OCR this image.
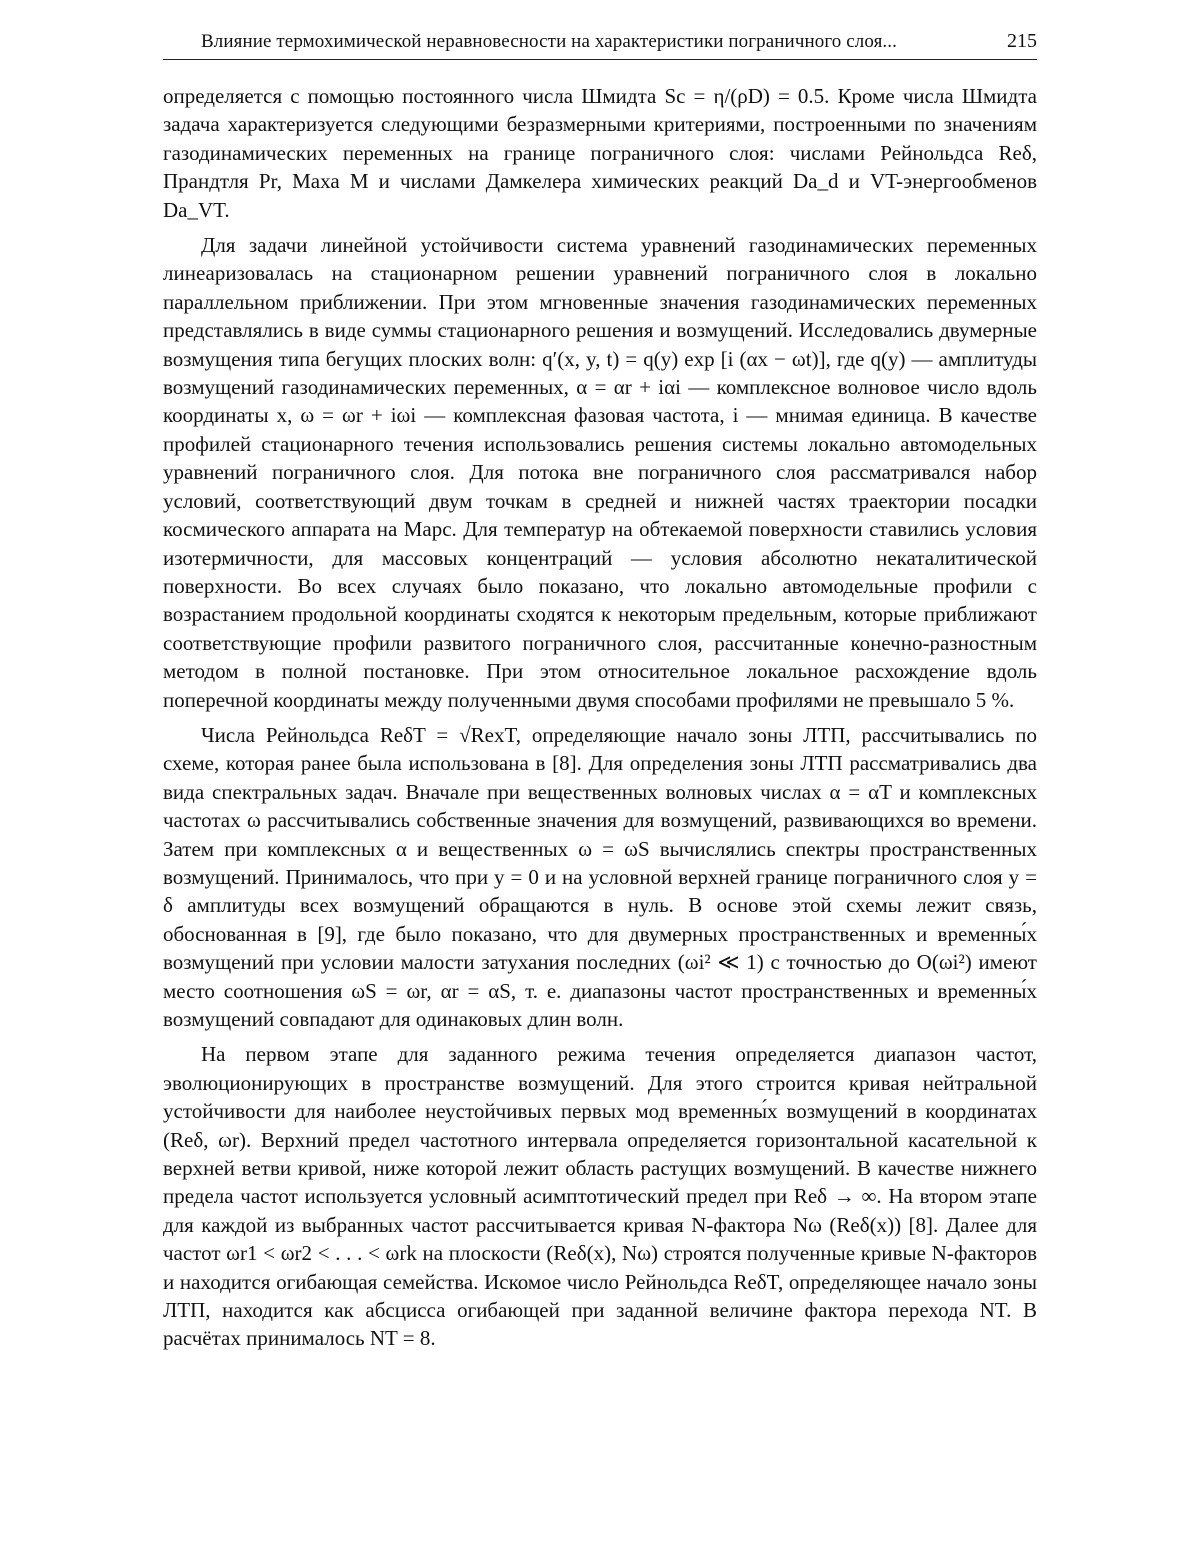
Влияние термохимической неравновесности на характеристики пограничного слоя...	215

определяется с помощью постоянного числа Шмидта Sc = η/(ρD) = 0.5. Кроме числа Шмидта задача характеризуется следующими безразмерными критериями, построенными по значениям газодинамических переменных на границе пограничного слоя: числами Рейнольдса Reδ, Прандтля Pr, Маха M и числами Дамкелера химических реакций Da_d и VT-энергообменов Da_VT.

Для задачи линейной устойчивости система уравнений газодинамических переменных линеаризовалась на стационарном решении уравнений пограничного слоя в локально параллельном приближении. При этом мгновенные значения газодинамических переменных представлялись в виде суммы стационарного решения и возмущений. Исследовались двумерные возмущения типа бегущих плоских волн: q′(x, y, t) = q(y) exp [i (αx − ωt)], где q(y) — амплитуды возмущений газодинамических переменных, α = αr + iαi — комплексное волновое число вдоль координаты x, ω = ωr + iωi — комплексная фазовая частота, i — мнимая единица. В качестве профилей стационарного течения использовались решения системы локально автомодельных уравнений пограничного слоя. Для потока вне пограничного слоя рассматривался набор условий, соответствующий двум точкам в средней и нижней частях траектории посадки космического аппарата на Марс. Для температур на обтекаемой поверхности ставились условия изотермичности, для массовых концентраций — условия абсолютно некаталитической поверхности. Во всех случаях было показано, что локально автомодельные профили с возрастанием продольной координаты сходятся к некоторым предельным, которые приближают соответствующие профили развитого пограничного слоя, рассчитанные конечно-разностным методом в полной постановке. При этом относительное локальное расхождение вдоль поперечной координаты между полученными двумя способами профилями не превышало 5 %.

Числа Рейнольдса ReδT = √RexT, определяющие начало зоны ЛТП, рассчитывались по схеме, которая ранее была использована в [8]. Для определения зоны ЛТП рассматривались два вида спектральных задач. Вначале при вещественных волновых числах α = αT и комплексных частотах ω рассчитывались собственные значения для возмущений, развивающихся во времени. Затем при комплексных α и вещественных ω = ωS вычислялись спектры пространственных возмущений. Принималось, что при y = 0 и на условной верхней границе пограничного слоя y = δ амплитуды всех возмущений обращаются в нуль. В основе этой схемы лежит связь, обоснованная в [9], где было показано, что для двумерных пространственных и временны́х возмущений при условии малости затухания последних (ωi² ≪ 1) с точностью до O(ωi²) имеют место соотношения ωS = ωr, αr = αS, т. е. диапазоны частот пространственных и временны́х возмущений совпадают для одинаковых длин волн.

На первом этапе для заданного режима течения определяется диапазон частот, эволюционирующих в пространстве возмущений. Для этого строится кривая нейтральной устойчивости для наиболее неустойчивых первых мод временны́х возмущений в координатах (Reδ, ωr). Верхний предел частотного интервала определяется горизонтальной касательной к верхней ветви кривой, ниже которой лежит область растущих возмущений. В качестве нижнего предела частот используется условный асимптотический предел при Reδ → ∞. На втором этапе для каждой из выбранных частот рассчитывается кривая N-фактора Nω (Reδ(x)) [8]. Далее для частот ωr1 < ωr2 < . . . < ωrk на плоскости (Reδ(x), Nω) строятся полученные кривые N-факторов и находится огибающая семейства. Искомое число Рейнольдса ReδT, определяющее начало зоны ЛТП, находится как абсцисса огибающей при заданной величине фактора перехода NT. В расчётах принималось NT = 8.
